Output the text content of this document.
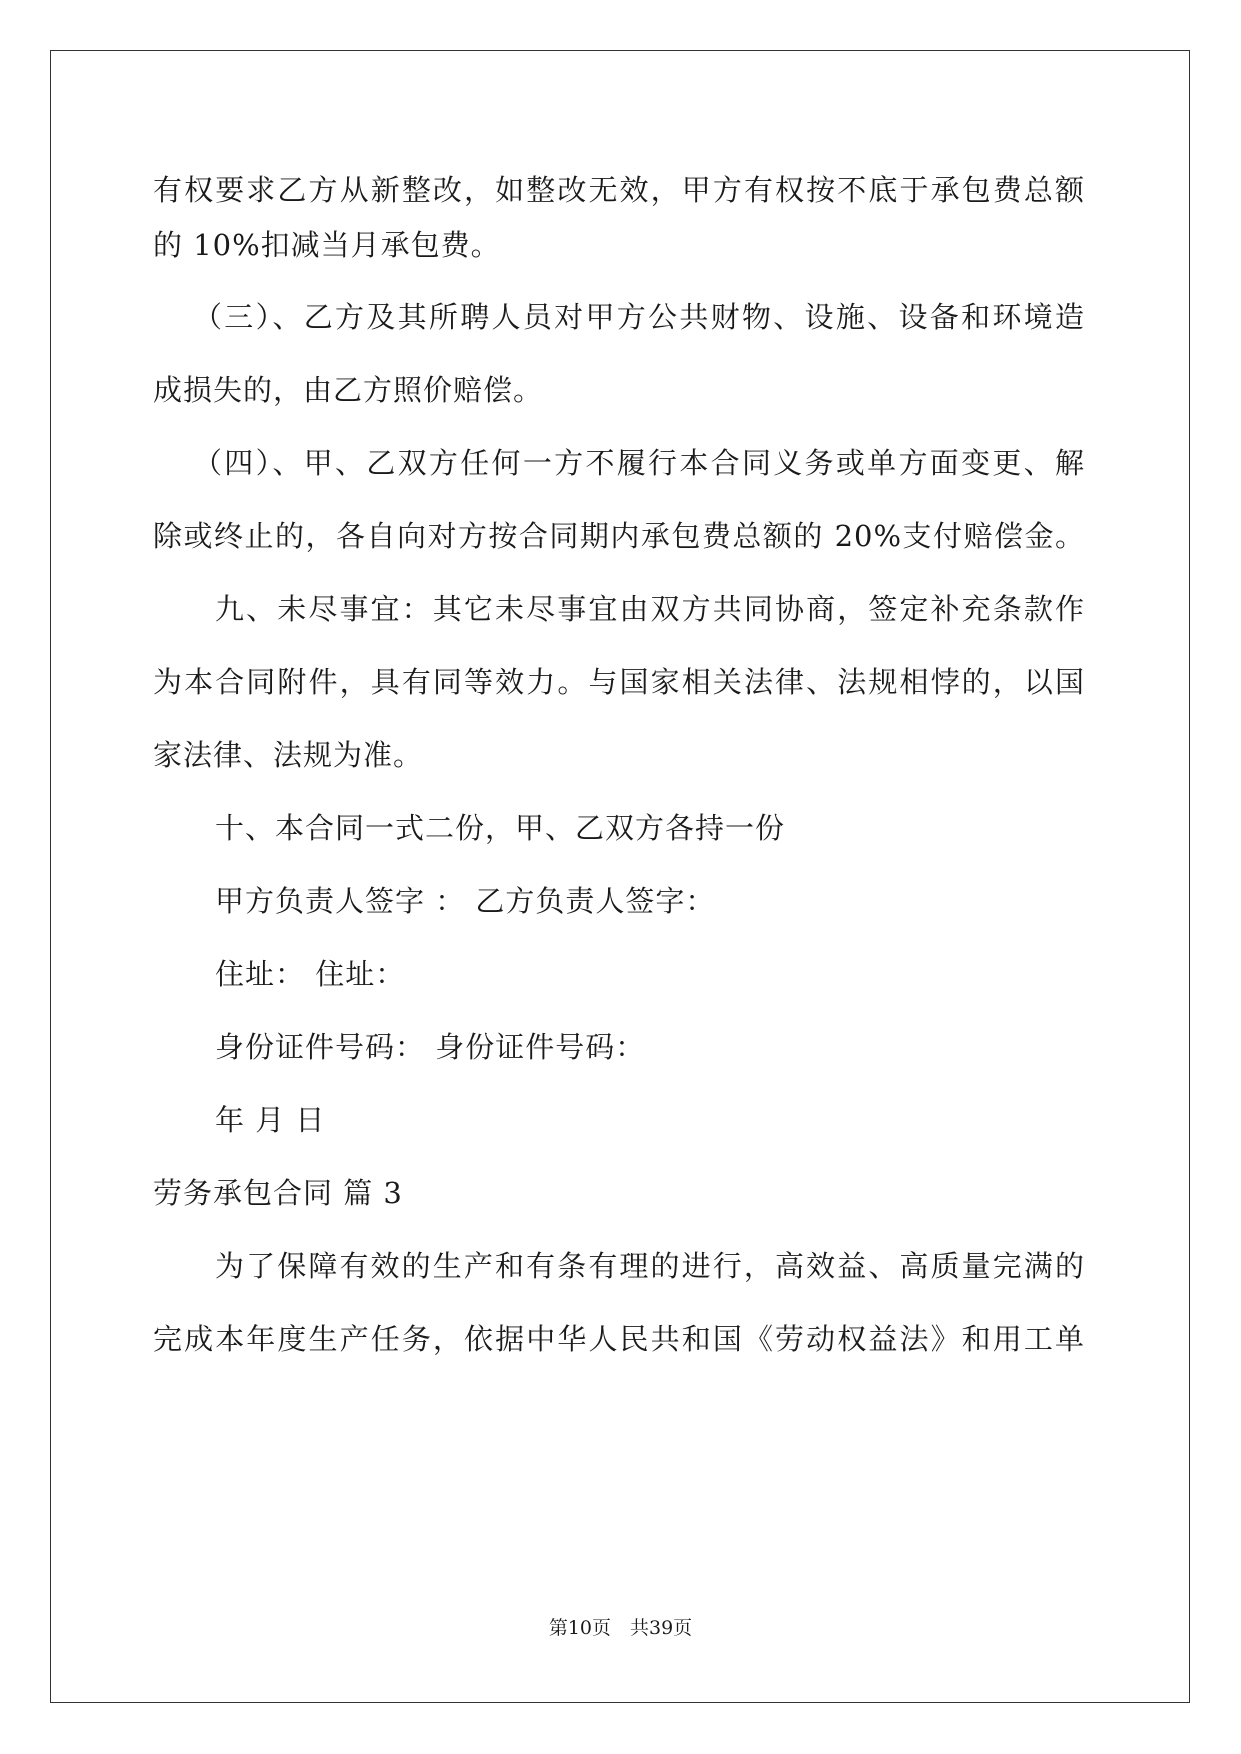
有权要求乙方从新整改，如整改无效，甲方有权按不底于承包费总额
的 10%扣减当月承包费。
（三）、乙方及其所聘人员对甲方公共财物、设施、设备和环境造
成损失的，由乙方照价赔偿。
（四）、甲、乙双方任何一方不履行本合同义务或单方面变更、解
除或终止的，各自向对方按合同期内承包费总额的 20%支付赔偿金。
九、未尽事宜：其它未尽事宜由双方共同协商，签定补充条款作
为本合同附件，具有同等效力。与国家相关法律、法规相悖的，以国
家法律、法规为准。
十、本合同一式二份，甲、乙双方各持一份
甲方负责人签字 ： 乙方负责人签字：
住址： 住址：
身份证件号码： 身份证件号码：
年 月 日
劳务承包合同 篇 3
为了保障有效的生产和有条有理的进行，高效益、高质量完满的
完成本年度生产任务，依据中华人民共和国《劳动权益法》和用工单
第10页　共39页
